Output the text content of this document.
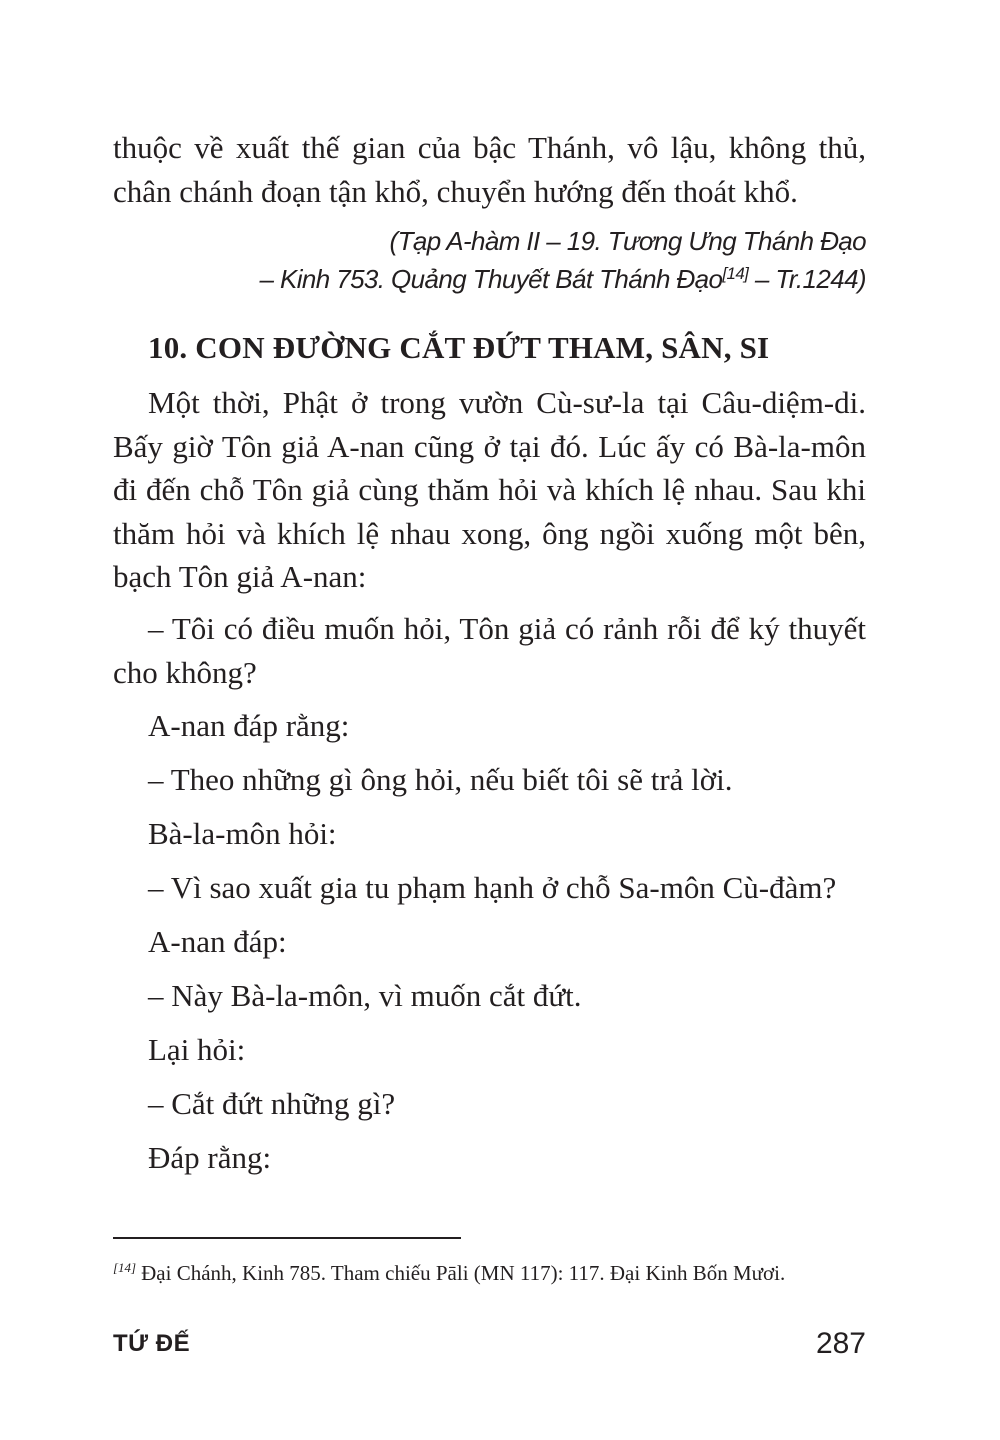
thuộc về xuất thế gian của bậc Thánh, vô lậu, không thủ, chân chánh đoạn tận khổ, chuyển hướng đến thoát khổ.

(Tạp A-hàm II – 19. Tương Ưng Thánh Đạo
– Kinh 753. Quảng Thuyết Bát Thánh Đạo[14] – Tr.1244)
10. CON ĐƯỜNG CẮT ĐỨT THAM, SÂN, SI

Một thời, Phật ở trong vườn Cù-sư-la tại Câu-diệm-di. Bấy giờ Tôn giả A-nan cũng ở tại đó. Lúc ấy có Bà-la-môn đi đến chỗ Tôn giả cùng thăm hỏi và khích lệ nhau. Sau khi thăm hỏi và khích lệ nhau xong, ông ngồi xuống một bên, bạch Tôn giả A-nan:

– Tôi có điều muốn hỏi, Tôn giả có rảnh rỗi để ký thuyết cho không?

A-nan đáp rằng:
– Theo những gì ông hỏi, nếu biết tôi sẽ trả lời.
Bà-la-môn hỏi:
– Vì sao xuất gia tu phạm hạnh ở chỗ Sa-môn Cù-đàm?
A-nan đáp:
– Này Bà-la-môn, vì muốn cắt đứt.
Lại hỏi:
– Cắt đứt những gì?
Đáp rằng:
[14] Đại Chánh, Kinh 785. Tham chiếu Pāli (MN 117): 117. Đại Kinh Bốn Mươi.
TỨ ĐẾ	287
